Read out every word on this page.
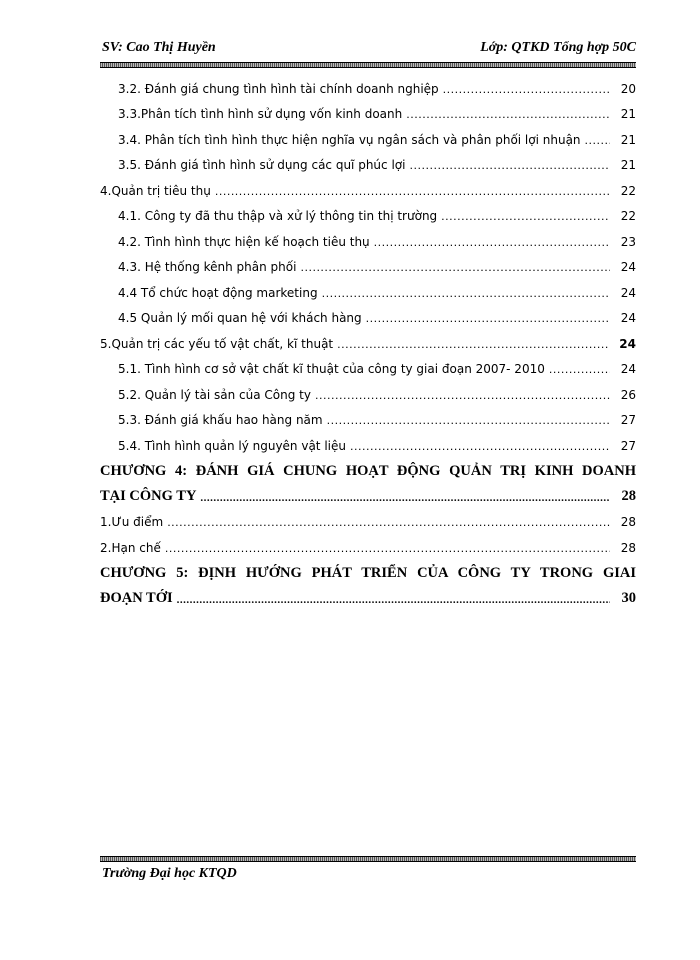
SV: Cao Thị Huyền	Lớp: QTKD Tổng hợp 50C
3.2. Đánh giá chung tình hình tài chính doanh nghiệp .....	20
3.3.Phân tích tình hình sử dụng vốn kinh doanh .....	21
3.4. Phân tích tình hình thực hiện nghĩa vụ ngân sách và phân phối lợi nhuận .....	21
3.5. Đánh giá tình hình sử dụng các quĩ phúc lợi .....	21
4.Quản trị tiêu thụ .....	22
4.1. Công ty đã thu thập và xử lý thông tin thị trường .....	22
4.2. Tình hình thực hiện kế hoạch tiêu thụ .....	23
4.3. Hệ thống kênh phân phối .....	24
4.4 Tổ chức hoạt động marketing .....	24
4.5 Quản lý mối quan hệ với khách hàng .....	24
5.Quản trị các yếu tố vật chất, kĩ thuật .....	24
5.1. Tình hình cơ sở vật chất kĩ thuật của công ty giai đoạn 2007- 2010 .....	24
5.2. Quản lý tài sản của Công ty .....	26
5.3. Đánh giá khấu hao hàng năm .....	27
5.4. Tình hình quản lý nguyên vật liệu .....	27
CHƯƠNG 4: ĐÁNH GIÁ CHUNG HOẠT ĐỘNG QUẢN TRỊ KINH DOANH
TẠI CÔNG TY .....	28
1.Ưu điểm .....	28
2.Hạn chế .....	28
CHƯƠNG 5: ĐỊNH HƯỚNG PHÁT TRIỂN CỦA CÔNG TY TRONG GIAI
ĐOẠN TỚI .....	30
Trường Đại học KTQD
